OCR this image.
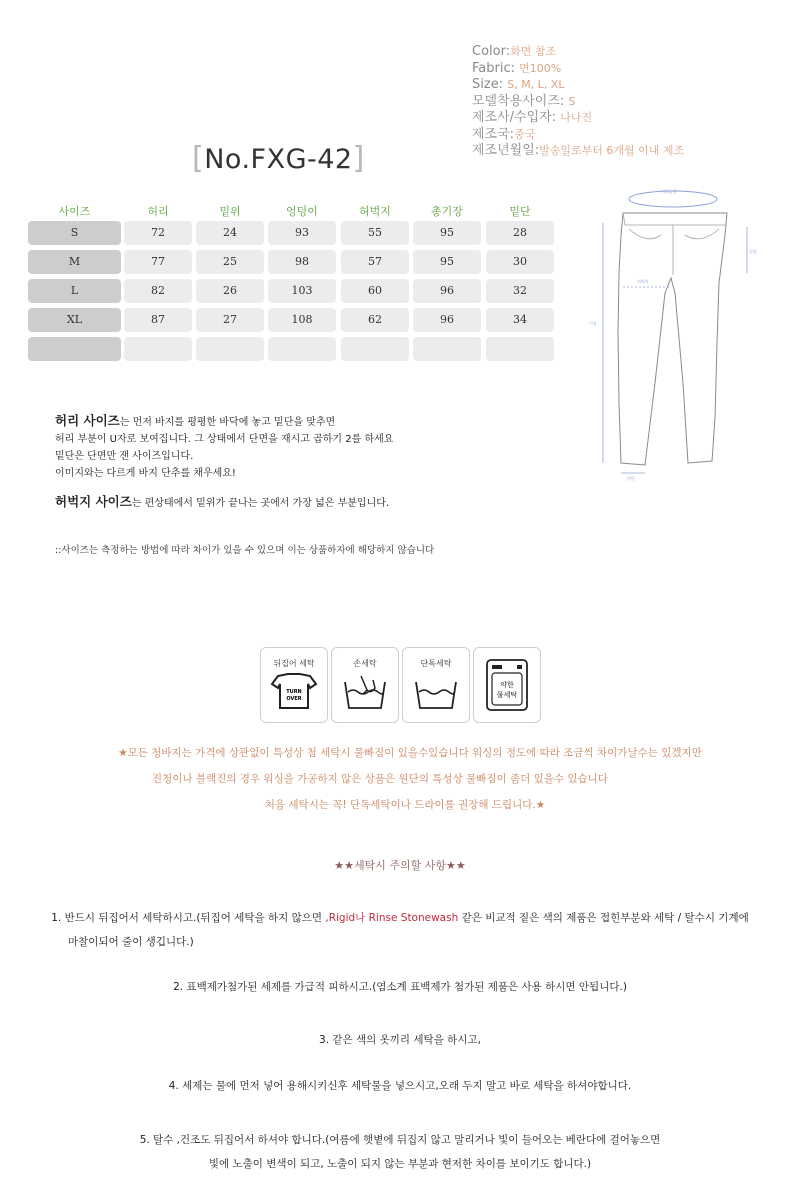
Color:화면 참조
Fabric: 면100%
Size: S, M, L, XL
모델착용사이즈: S
제조사/수입자: 나나진
제조국:중국
제조년월일:발송일로부터 6개월 이내 제조
[No.FXG-42]
사이즈	허리	밑위	엉덩이	허벅지	총기장	밑단
S	72	24	93	55	95	28
M	77	25	98	57	95	30
L	82	26	103	60	96	32
XL	87	27	108	62	96	34
허리둘레
밑위
허벅지
기장
밑단
허리 사이즈는 먼저 바지를 평평한 바닥에 놓고 밑단을 맞추면
허리 부분이 U자로 보여집니다. 그 상태에서 단면을 재시고 곱하기 2를 하세요
밑단은 단면만 잰 사이즈입니다.
이미지와는 다르게 바지 단추를 채우세요!
허벅지 사이즈는 편상태에서 밑위가 끝나는 곳에서 가장 넓은 부분입니다.
::사이즈는 측정하는 방법에 따라 차이가 있을 수 있으며 이는 상품하자에 해당하지 않습니다
뒤집어 세탁
TURN
OVER
손세탁	단독세탁
약한
물세탁
★모든 청바지는 가격에 상관없이 특성상 첨 세탁시 물빠짐이 있을수있습니다 워싱의 정도에 따라 조금씩 차이가날수는 있겠지만
진청이나 블랙진의 경우 워싱을 가공하지 않은 상품은 원단의 특성상 물빠짐이 좀더 있을수 있습니다
처음 세탁시는 꼭! 단독세탁이나 드라이를 권장해 드립니다.★
★★세탁시 주의할 사항★★
1. 반드시 뒤집어서 세탁하시고.(뒤집어 세탁을 하지 않으면 ,Rigid나 Rinse Stonewash 같은 비교적 짙은 색의 제품은 접힌부분와 세탁 / 탈수시 기계에
마찰이되어 줄이 생깁니다.)
2. 표백제가첨가된 세제를 가급적 피하시고.(염소계 표백제가 첨가된 제품은 사용 하시면 안됩니다.)
3. 같은 색의 옷끼리 세탁을 하시고,
4. 세제는 물에 먼저 넣어 용해시키신후 세탁물을 넣으시고,오래 두지 말고 바로 세탁을 하셔야합니다.
5. 탈수 ,건조도 뒤집어서 하셔야 합니다.(여름에 햇볕에 뒤집지 않고 말리거나 빛이 들어오는 베란다에 걸어놓으면
빛에 노출이 변색이 되고, 노출이 되지 않는 부분과 현저한 차이를 보이기도 합니다.)
